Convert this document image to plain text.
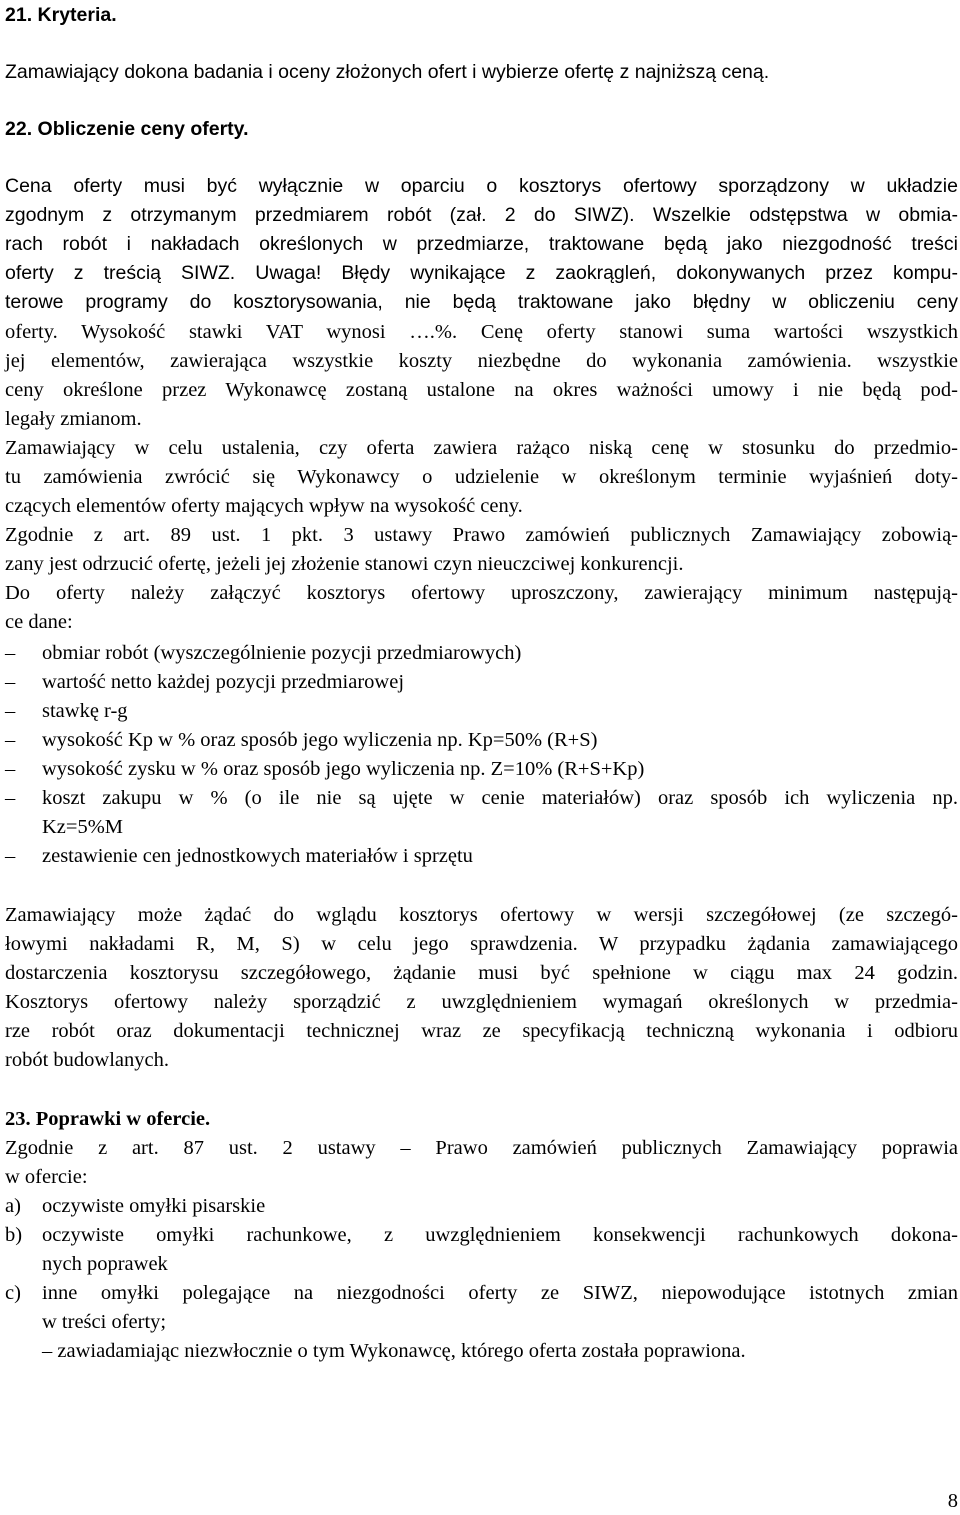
21. Kryteria.
Zamawiający dokona badania i oceny złożonych ofert i wybierze ofertę z najniższą ceną.
22. Obliczenie ceny oferty.
Cena oferty musi być wyłącznie w oparciu o kosztorys ofertowy sporządzony w układzie
zgodnym z otrzymanym przedmiarem robót (zał. 2 do SIWZ). Wszelkie odstępstwa w obmia-
rach robót i nakładach określonych w przedmiarze, traktowane będą jako niezgodność treści
oferty z treścią SIWZ. Uwaga! Błędy wynikające z zaokrągleń, dokonywanych przez kompu-
terowe programy do kosztorysowania, nie będą traktowane jako błędny w obliczeniu ceny
oferty. Wysokość stawki VAT wynosi ….%. Cenę oferty stanowi suma wartości wszystkich
jej elementów, zawierająca wszystkie koszty niezbędne do wykonania zamówienia. wszystkie
ceny określone przez Wykonawcę zostaną ustalone na okres ważności umowy i nie będą pod-
legały zmianom.
Zamawiający w celu ustalenia, czy oferta zawiera rażąco niską cenę w stosunku do przedmio-
tu zamówienia zwrócić się Wykonawcy o udzielenie w określonym terminie wyjaśnień doty-
czących elementów oferty mających wpływ na wysokość ceny.
Zgodnie z art. 89 ust. 1 pkt. 3 ustawy Prawo zamówień publicznych Zamawiający zobowią-
zany jest odrzucić ofertę, jeżeli jej złożenie stanowi czyn nieuczciwej konkurencji.
Do oferty należy załączyć kosztorys ofertowy uproszczony, zawierający minimum następują-
ce dane:
– obmiar robót (wyszczególnienie pozycji przedmiarowych)
– wartość netto każdej pozycji przedmiarowej
– stawkę r-g
– wysokość Kp w % oraz sposób jego wyliczenia np. Kp=50% (R+S)
– wysokość zysku w % oraz sposób jego wyliczenia np. Z=10% (R+S+Kp)
– koszt zakupu w % (o ile nie są ujęte w cenie materiałów) oraz sposób ich wyliczenia np.
Kz=5%M
– zestawienie cen jednostkowych materiałów i sprzętu
Zamawiający może żądać do wglądu kosztorys ofertowy w wersji szczegółowej (ze szczegó-
łowymi nakładami R, M, S) w celu jego sprawdzenia. W przypadku żądania zamawiającego
dostarczenia kosztorysu szczegółowego, żądanie musi być spełnione w ciągu max 24 godzin.
Kosztorys ofertowy należy sporządzić z uwzględnieniem wymagań określonych w przedmia-
rze robót oraz dokumentacji technicznej wraz ze specyfikacją techniczną wykonania i odbioru
robót budowlanych.
23. Poprawki w ofercie.
Zgodnie z art. 87 ust. 2 ustawy – Prawo zamówień publicznych Zamawiający poprawia
w ofercie:
a) oczywiste omyłki pisarskie
b) oczywiste omyłki rachunkowe, z uwzględnieniem konsekwencji rachunkowych dokona-
nych poprawek
c) inne omyłki polegające na niezgodności oferty ze SIWZ, niepowodujące istotnych zmian
w treści oferty;
– zawiadamiając niezwłocznie o tym Wykonawcę, którego oferta została poprawiona.
8
